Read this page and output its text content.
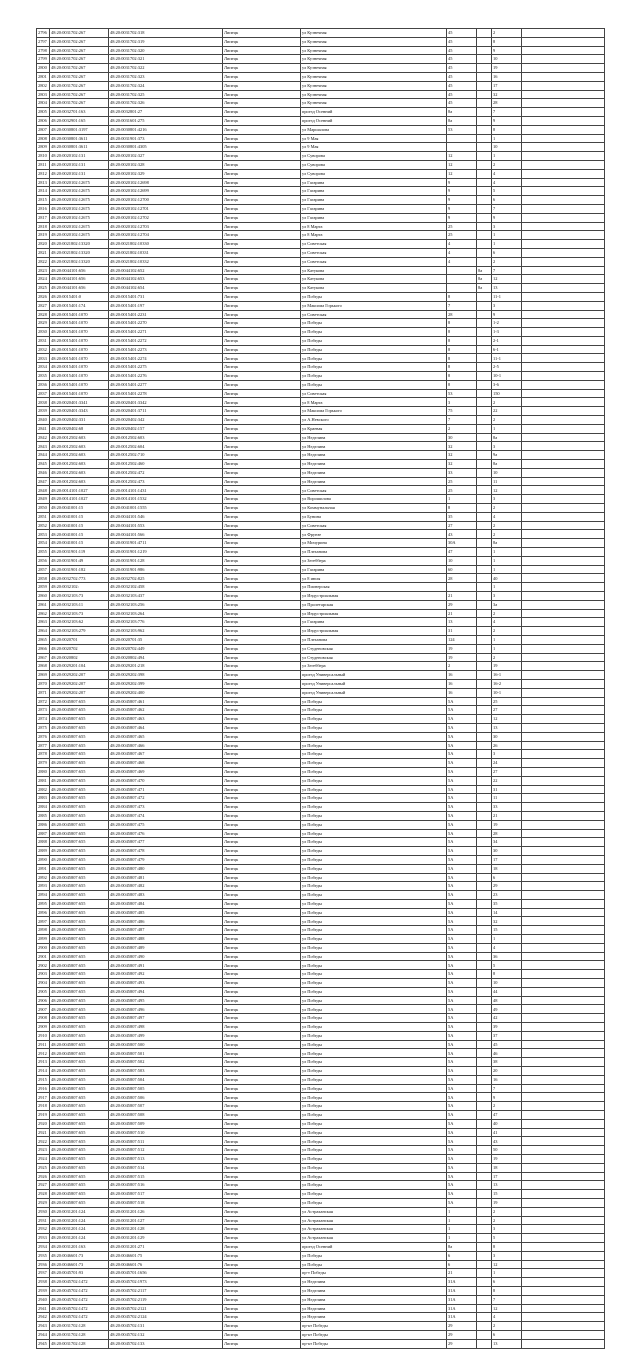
2796	48:20:0031702:267	48:20:0031702:318	Липецк	ул Кузнечная	45		2	
2797	48:20:0031702:267	48:20:0031702:319	Липецк	ул Кузнечная	45		8	
2798	48:20:0031702:267	48:20:0031702:320	Липецк	ул Кузнечная	45		9	
2799	48:20:0031702:267	48:20:0031702:321	Липецк	ул Кузнечная	45		10	
2800	48:20:0031702:267	48:20:0031702:322	Липецк	ул Кузнечная	45		19	
2801	48:20:0031702:267	48:20:0031702:323	Липецк	ул Кузнечная	45		16	
2802	48:20:0031702:267	48:20:0031702:324	Липецк	ул Кузнечная	45		17	
2803	48:20:0031702:267	48:20:0031702:325	Липецк	ул Кузнечная	45		32	
2804	48:20:0031702:267	48:20:0031702:326	Липецк	ул Кузнечная	45		28	
2805	48:20:0032701:163	48:20:0032801:27	Липецк	проезд Осенний	8a		7	
2806	48:20:0032901:165	48:20:0031601:275	Липецк	проезд Осенний	8a		9	
2807	48:20:0030801:3197	48:20:0030801:4216	Липецк	ул Маршалова	53		8	
2808	48:20:0030801:3611	48:20:0031901:373	Липецк	ул 9 Мая			1	
2809	48:20:0030801:3611	48:20:0030801:4305	Липецк	ул 9 Мая			10	
2810	48:20:0020102:131	48:20:0020102:327	Липецк	ул Суворова	12		1	
2811	48:20:0020102:131	48:20:0020102:328	Липецк	ул Суворова	12		2	
2812	48:20:0020102:131	48:20:0020102:329	Липецк	ул Суворова	12		4	
2813	48:20:0020102:12675	48:20:0020102:12698	Липецк	ул Гагарина	9		4	
2814	48:20:0020102:12675	48:20:0020102:12699	Липецк	ул Гагарина	9		5	
2815	48:20:0020102:12675	48:20:0020102:12700	Липецк	ул Гагарина	9		6	
2816	48:20:0020102:12675	48:20:0020102:12701	Липецк	ул Гагарина	9		7	
2817	48:20:0020102:12675	48:20:0020102:12702	Липецк	ул Гагарина	9		9	
2818	48:20:0020102:12675	48:20:0020102:12703	Липецк	ул 8 Марта	25		3	
2819	48:20:0020102:12675	48:20:0020102:12704	Липецк	ул 8 Марта	25		1	
2820	48:20:0021802:13320	48:20:0021802:10330	Липецк	ул Советская	4		1	
2821	48:20:0021802:13320	48:20:0021802:10331	Липецк	ул Советская	4		6	
2822	48:20:0021802:13320	48:20:0021802:10332	Липецк	ул Советская	4		2	
2823	48:20:0044101:656	48:20:0044102:652	Липецк	ул Катукова		8a	7	
2824	48:20:0044101:656	48:20:0044102:653	Липецк	ул Катукова		8a	12	
2825	48:20:0044101:656	48:20:0044102:654	Липецк	ул Катукова		8a	13	
2826	48:20:0015401:0	48:20:0015401:731	Липецк	ул Победы	8		11-1	
2827	48:20:0015401:174	48:20:0015401:197	Липецк	ул Максима Горького	7		3	
2828	48:20:0015401:1070	48:20:0015401:2231	Липецк	ул Советская	28		9	
2829	48:20:0015401:1070	48:20:0015401:2270	Липецк	ул Победы	8		1-2	
2830	48:20:0015401:1070	48:20:0015401:2271	Липецк	ул Победы	8		1-3	
2831	48:20:0015401:1070	48:20:0015401:2272	Липецк	ул Победы	8		2-1	
2832	48:20:0015401:1070	48:20:0015401:2273	Липецк	ул Победы	8		6-1	
2833	48:20:0015401:1070	48:20:0015401:2274	Липецк	ул Победы	8		11-1	
2834	48:20:0015401:1070	48:20:0015401:2275	Липецк	ул Победы	8		2-5	
2835	48:20:0015401:1070	48:20:0015401:2276	Липецк	ул Победы	8		10-1	
2836	48:20:0015401:1070	48:20:0015401:2277	Липецк	ул Победы	8		3-6	
2837	48:20:0015401:1070	48:20:0015401:2278	Липецк	ул Советская	53		150	
2838	48:20:0020401:3341	48:20:0020401:3342	Липецк	ул 8 Марта	3		2	
2839	48:20:0020401:3343	48:20:0020401:3711	Липецк	ул Максима Горького	75		22	
2840	48:20:0020402:331	48:20:0020402:342	Липецк	ул А.Невского	7		2	
2841	48:20:0020402:68	48:20:0020402:157	Липецк	ул Краевая	2		1	
2842	48:20:0012502:603	48:20:0012502:603	Липецк	ул Неделина	30		8a	
2843	48:20:0012502:603	48:20:0012502:604	Липецк	ул Неделина	32		3	
2844	48:20:0012502:603	48:20:0012502:710	Липецк	ул Неделина	32		9a	
2845	48:20:0012502:603	48:20:0012502:460	Липецк	ул Неделина	32		8a	
2846	48:20:0012502:603	48:20:0012502:472	Липецк	ул Неделина	33		10	
2847	48:20:0012502:603	48:20:0012502:473	Липецк	ул Неделина	25		11	
2848	48:20:0014101:1027	48:20:0014101:1431	Липецк	ул Советская	25		12	
2849	48:20:0014101:1027	48:20:0014101:1532	Липецк	ул Ворошилова	1		3	
2850	48:20:0041001:15	48:20:0041001:1555	Липецк	ул Коммунальная	8		2	
2851	48:20:0041001:15	48:20:0044101:546	Липецк	ул Бунина	35		4	
2852	48:20:0041001:15	48:20:0044101:553	Липецк	ул Советская	27		2	
2853	48:20:0041001:15	48:20:0044101:566	Липецк	ул Фрунзе	43		2	
2854	48:20:0041001:15	48:20:0031901:4711	Липецк	ул Мичурина	30А		8a	
2855	48:20:0031901:119	48:20:0031901:1219	Липецк	ул Плеханова	47		1	
2856	48:20:0031901:49	48:20:0031901:128	Липецк	ул Зегеббера	10		1	
2857	48:20:0031901:182	48:20:0031901:986	Липецк	ул Гагарина	60		1	
2858	48:20:0032702:773	48:20:0032702:825	Липецк	ул 8 июля	28		40	
2859	48:20:0032102:	48:20:0032102:458	Липецк	ул Пионерская			1	
2860	48:20:0032103:73	48:20:0032103:437	Липецк	ул Индустриальная	21		3	
2861	48:20:0032103:11	48:20:0032103:256	Липецк	ул Пролетарская	29		3a	
2862	48:20:0032103:73	48:20:0032103:264	Липецк	ул Индустриальная	21		2	
2863	48:20:0032103:62	48:20:0032103:776	Липецк	ул Гагарина	13		4	
2864	48:20:0032103:279	48:20:0032103:962	Липецк	ул Индустриальная	31		2	
2865	48:20:0020701	48:20:0020701:35	Липецк	ул Плеханова	124		1	
2866	48:20:0020702	48:20:0020702:449	Липецк	ул Студеновская	19		1	
2867	48:20:0020802	48:20:0020802:494	Липецк	ул Студеновская	19		2	
2868	48:20:0029201:104	48:20:0029201:218	Липецк	ул Зегеббера	2		19	
2869	48:20:0029202:207	48:20:0029202:398	Липецк	проезд Универсальный	16		16-1	
2870	48:20:0029202:207	48:20:0029202:399	Липецк	проезд Универсальный	16		16-2	
2871	48:20:0029202:207	48:20:0029202:400	Липецк	проезд Универсальный	16		10-1	
2872	48:20:0045807:655	48:20:0045807:461	Липецк	ул Победы	5А		25	
2873	48:20:0045807:655	48:20:0045807:462	Липецк	ул Победы	5А		27	
2874	48:20:0045807:655	48:20:0045807:463	Липецк	ул Победы	5А		12	
2875	48:20:0045807:655	48:20:0045807:464	Липецк	ул Победы	5А		13	
2876	48:20:0045807:655	48:20:0045807:465	Липецк	ул Победы	5А		30	
2877	48:20:0045807:655	48:20:0045807:466	Липецк	ул Победы	5А		26	
2878	48:20:0045807:655	48:20:0045807:467	Липецк	ул Победы	5А		3	
2879	48:20:0045807:655	48:20:0045807:468	Липецк	ул Победы	5А		24	
2880	48:20:0045807:655	48:20:0045807:469	Липецк	ул Победы	5А		27	
2881	48:20:0045807:655	48:20:0045807:470	Липецк	ул Победы	5А		22	
2882	48:20:0045807:655	48:20:0045807:471	Липецк	ул Победы	5А		31	
2883	48:20:0045807:655	48:20:0045807:472	Липецк	ул Победы	5А		11	
2884	48:20:0045807:655	48:20:0045807:473	Липецк	ул Победы	5А		33	
2885	48:20:0045807:655	48:20:0045807:474	Липецк	ул Победы	5А		21	
2886	48:20:0045807:655	48:20:0045807:475	Липецк	ул Победы	5А		19	
2887	48:20:0045807:655	48:20:0045807:476	Липецк	ул Победы	5А		28	
2888	48:20:0045807:655	48:20:0045807:477	Липецк	ул Победы	5А		34	
2889	48:20:0045807:655	48:20:0045807:478	Липецк	ул Победы	5А		30	
2890	48:20:0045807:655	48:20:0045807:479	Липецк	ул Победы	5А		17	
2891	48:20:0045807:655	48:20:0045807:480	Липецк	ул Победы	5А		18	
2892	48:20:0045807:655	48:20:0045807:481	Липецк	ул Победы	5А		6	
2893	48:20:0045807:655	48:20:0045807:482	Липецк	ул Победы	5А		29	
2894	48:20:0045807:655	48:20:0045807:483	Липецк	ул Победы	5А		23	
2895	48:20:0045807:655	48:20:0045807:484	Липецк	ул Победы	5А		35	
2896	48:20:0045807:655	48:20:0045807:485	Липецк	ул Победы	5А		14	
2897	48:20:0045807:655	48:20:0045807:486	Липецк	ул Победы	5А		32	
2898	48:20:0045807:655	48:20:0045807:487	Липецк	ул Победы	5А		15	
2899	48:20:0045807:655	48:20:0045807:488	Липецк	ул Победы	5А		1	
2900	48:20:0045807:655	48:20:0045807:489	Липецк	ул Победы	5А		4	
2901	48:20:0045807:655	48:20:0045807:490	Липецк	ул Победы	5А		36	
2902	48:20:0045807:655	48:20:0045807:491	Липецк	ул Победы	5А		5	
2903	48:20:0045807:655	48:20:0045807:492	Липецк	ул Победы	5А		8	
2904	48:20:0045807:655	48:20:0045807:493	Липецк	ул Победы	5А		10	
2905	48:20:0045807:655	48:20:0045807:494	Липецк	ул Победы	5А		44	
2906	48:20:0045807:655	48:20:0045807:495	Липецк	ул Победы	5А		48	
2907	48:20:0045807:655	48:20:0045807:496	Липецк	ул Победы	5А		49	
2908	48:20:0045807:655	48:20:0045807:497	Липецк	ул Победы	5А		42	
2909	48:20:0045807:655	48:20:0045807:498	Липецк	ул Победы	5А		39	
2910	48:20:0045807:655	48:20:0045807:499	Липецк	ул Победы	5А		37	
2911	48:20:0045807:655	48:20:0045807:500	Липецк	ул Победы	5А		45	
2912	48:20:0045807:655	48:20:0045807:501	Липецк	ул Победы	5А		46	
2913	48:20:0045807:655	48:20:0045807:502	Липецк	ул Победы	5А		38	
2914	48:20:0045807:655	48:20:0045807:503	Липецк	ул Победы	5А		20	
2915	48:20:0045807:655	48:20:0045807:504	Липецк	ул Победы	5А		16	
2916	48:20:0045807:655	48:20:0045807:505	Липецк	ул Победы	5А		7	
2917	48:20:0045807:655	48:20:0045807:506	Липецк	ул Победы	5А		9	
2918	48:20:0045807:655	48:20:0045807:507	Липецк	ул Победы	5А		2	
2919	48:20:0045807:655	48:20:0045807:508	Липецк	ул Победы	5А		47	
2920	48:20:0045807:655	48:20:0045807:509	Липецк	ул Победы	5А		40	
2921	48:20:0045807:655	48:20:0045807:510	Липецк	ул Победы	5А		41	
2922	48:20:0045807:655	48:20:0045807:511	Липецк	ул Победы	5А		43	
2923	48:20:0045807:655	48:20:0045807:512	Липецк	ул Победы	5А		50	
2924	48:20:0045807:655	48:20:0045807:513	Липецк	ул Победы	5А		19	
2925	48:20:0045807:655	48:20:0045807:514	Липецк	ул Победы	5А		18	
2926	48:20:0045807:655	48:20:0045807:515	Липецк	ул Победы	5А		17	
2927	48:20:0045807:655	48:20:0045807:516	Липецк	ул Победы	5А		13	
2928	48:20:0045807:655	48:20:0045807:517	Липецк	ул Победы	5А		15	
2929	48:20:0045807:655	48:20:0045807:518	Липецк	ул Победы	5А		19	
2930	48:20:0031201:124	48:20:0031201:126	Липецк	ул Астраханская	1		2	
2931	48:20:0031201:124	48:20:0031201:127	Липецк	ул Астраханская	1		2	
2932	48:20:0031201:124	48:20:0031201:128	Липецк	ул Астраханская	1		3	
2933	48:20:0031201:124	48:20:0031201:129	Липецк	ул Астраханская	1		5	
2934	48:20:0031201:163	48:20:0031201:271	Липецк	проезд Осенний	8a		8	
2935	48:20:0046601:73	48:20:0046601:75	Липецк	ул Победы	6		3	
2936	48:20:0046601:73	48:20:0046601:76	Липецк	ул Победы	6		12	
2937	48:20:0045701:93	48:20:0045701:1656	Липецк	пр-т Победы	21		1	
2938	48:20:0045702:1472	48:20:0045702:1973	Липецк	ул Неделина	31А		6	
2939	48:20:0045702:1472	48:20:0045702:2117	Липецк	ул Неделина	31А		8	
2940	48:20:0045702:1472	48:20:0045702:2119	Липецк	ул Неделина	31А		7	
2941	48:20:0045702:1472	48:20:0045702:2121	Липецк	ул Неделина	31А		12	
2942	48:20:0045702:1472	48:20:0045702:2124	Липецк	ул Неделина	31А		4	
2943	48:20:0031702:128	48:20:0045702:131	Липецк	пр-кт Победы	29		2	
2944	48:20:0031702:128	48:20:0045702:132	Липецк	пр-кт Победы	29		6	
2945	48:20:0031702:128	48:20:0045702:133	Липецк	пр-кт Победы	29		13	
